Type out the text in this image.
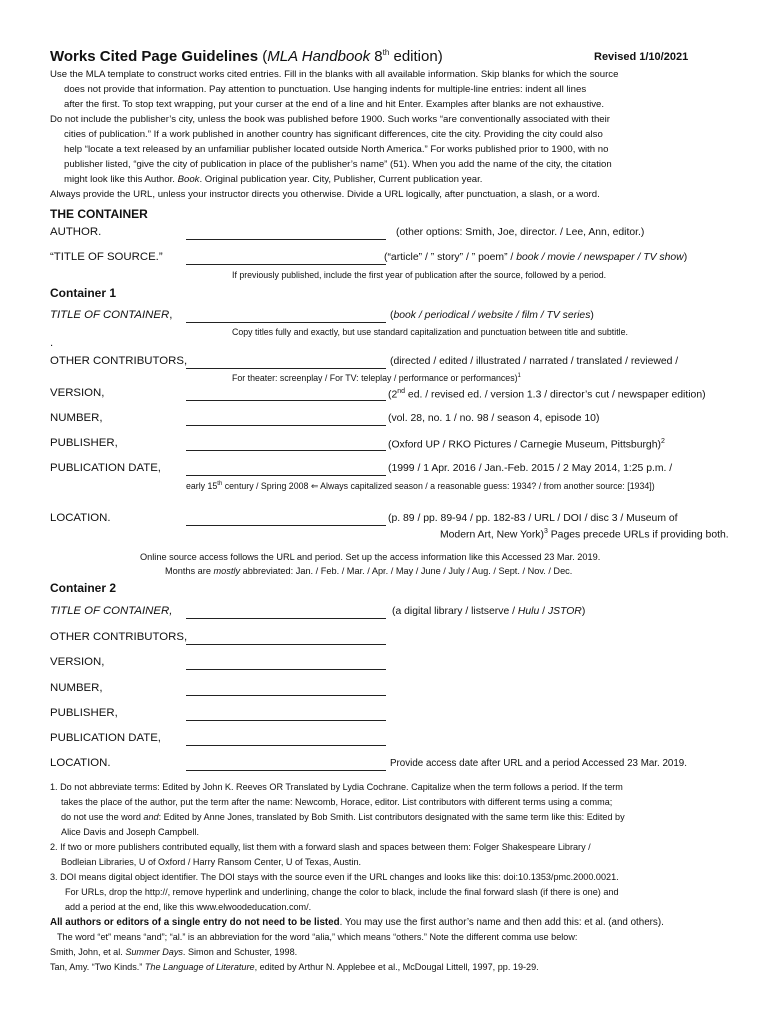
Works Cited Page Guidelines (MLA Handbook 8th edition)	Revised 1/10/2021
Use the MLA template to construct works cited entries. Fill in the blanks with all available information. Skip blanks for which the source
does not provide that information. Pay attention to punctuation. Use hanging indents for multiple-line entries: indent all lines
after the first. To stop text wrapping, put your curser at the end of a line and hit Enter. Examples after blanks are not exhaustive.
Do not include the publisher’s city, unless the book was published before 1900. Such works “are conventionally associated with their
cities of publication.” If a work published in another country has significant differences, cite the city. Providing the city could also
help “locate a text released by an unfamiliar publisher located outside North America.” For works published prior to 1900, with no
publisher listed, “give the city of publication in place of the publisher’s name” (51). When you add the name of the city, the citation
might look like this Author. Book. Original publication year. City, Publisher, Current publication year.
Always provide the URL, unless your instructor directs you otherwise. Divide a URL logically, after punctuation, a slash, or a word.
THE CONTAINER
AUTHOR.	(other options: Smith, Joe, director. / Lee, Ann, editor.)
“TITLE OF SOURCE.”	(“article” / ” story” / ” poem” / book / movie / newspaper / TV show)
If previously published, include the first year of publication after the source, followed by a period.
Container 1
TITLE OF CONTAINER,	(book / periodical / website / film / TV series)
Copy titles fully and exactly, but use standard capitalization and punctuation between title and subtitle.
.
OTHER CONTRIBUTORS,	(directed / edited / illustrated / narrated / translated / reviewed /
For theater: screenplay / For TV: teleplay / performance or performances)$^1$
VERSION,	(2nd ed. / revised ed. / version 1.3 / director’s cut / newspaper edition)
NUMBER,	(vol. 28, no. 1 / no. 98 / season 4, episode 10)
PUBLISHER,	(Oxford UP / RKO Pictures / Carnegie Museum, Pittsburgh)$^2$
PUBLICATION DATE,	(1999 / 1 Apr. 2016 / Jan.-Feb. 2015 / 2 May 2014, 1:25 p.m. /
early 15th century / Spring 2008 ⇐ Always capitalized season / a reasonable guess: 1934? / from another source: [1934])
LOCATION.	(p. 89 / pp. 89-94 / pp. 182-83 / URL / DOI / disc 3 / Museum of
Modern Art, New York)$^3$ Pages precede URLs if providing both.
Online source access follows the URL and period. Set up the access information like this Accessed 23 Mar. 2019.
Months are mostly abbreviated: Jan. / Feb. / Mar. / Apr. / May / June / July / Aug. / Sept. / Nov. / Dec.
Container 2
TITLE OF CONTAINER,	(a digital library / listserve / Hulu / JSTOR)
OTHER CONTRIBUTORS,
VERSION,
NUMBER,
PUBLISHER,
PUBLICATION DATE,
LOCATION.	Provide access date after URL and a period Accessed 23 Mar. 2019.
1. Do not abbreviate terms: Edited by John K. Reeves OR Translated by Lydia Cochrane. Capitalize when the term follows a period. If the term
takes the place of the author, put the term after the name: Newcomb, Horace, editor. List contributors with different terms using a comma;
do not use the word and: Edited by Anne Jones, translated by Bob Smith. List contributors designated with the same term like this: Edited by
Alice Davis and Joseph Campbell.
2. If two or more publishers contributed equally, list them with a forward slash and spaces between them: Folger Shakespeare Library /
Bodleian Libraries, U of Oxford / Harry Ransom Center, U of Texas, Austin.
3. DOI means digital object identifier. The DOI stays with the source even if the URL changes and looks like this: doi:10.1353/pmc.2000.0021.
For URLs, drop the http://, remove hyperlink and underlining, change the color to black, include the final forward slash (if there is one) and
add a period at the end, like this www.elwoodeducation.com/.
All authors or editors of a single entry do not need to be listed. You may use the first author’s name and then add this: et al. (and others).
The word “et” means “and”; “al.” is an abbreviation for the word “alia,” which means “others.” Note the different comma use below:
Smith, John, et al. Summer Days. Simon and Schuster, 1998.
Tan, Amy. “Two Kinds.” The Language of Literature, edited by Arthur N. Applebee et al., McDougal Littell, 1997, pp. 19-29.
